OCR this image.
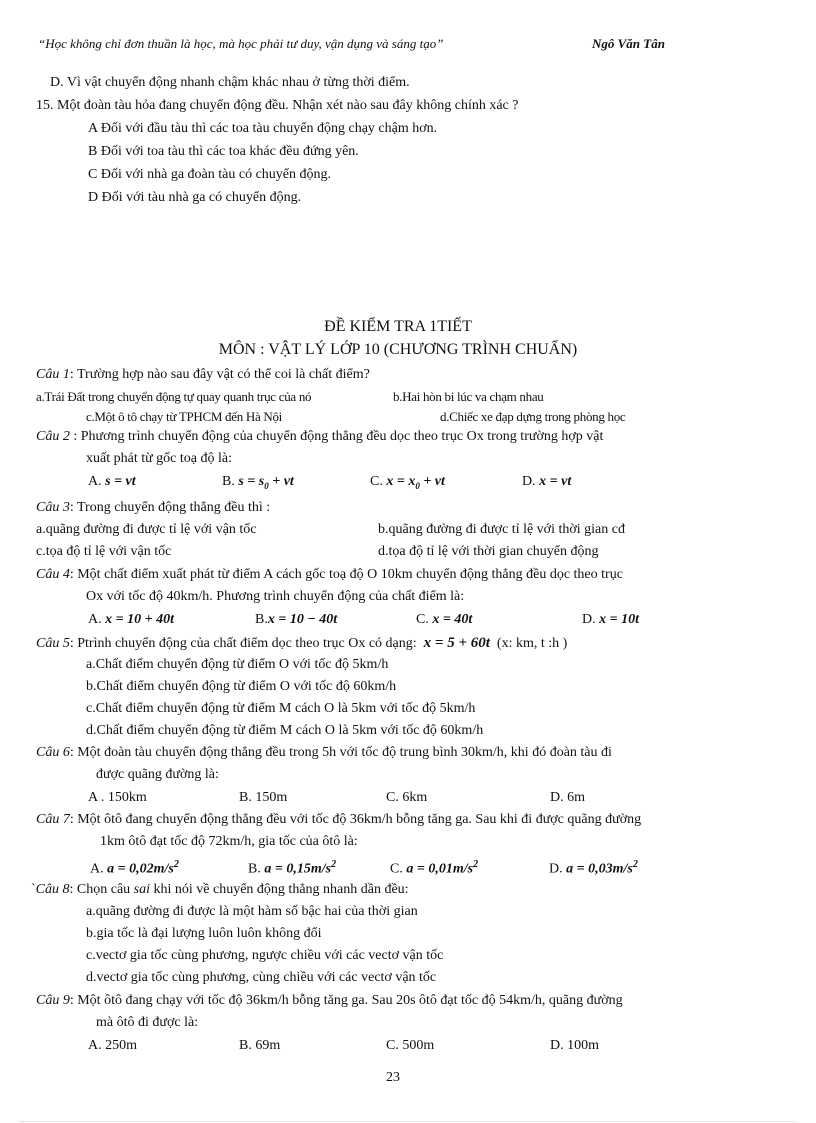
“Học không chỉ đơn thuần là học, mà học phải tư duy, vận dụng và sáng tạo”	Ngô Văn Tân
D. Vì vật chuyển động nhanh chậm khác nhau ở từng thời điểm.
15. Một đoàn tàu hỏa đang chuyển động đều. Nhận xét nào sau đây không chính xác ?
A Đối với đầu tàu thì các toa tàu chuyển động chạy chậm hơn.
B Đối với toa tàu thì các toa khác đều đứng yên.
C Đối với nhà ga đoàn tàu có chuyển động.
D Đối với tàu nhà ga có chuyển động.
ĐỀ KIỂM TRA 1TIẾT
MÔN : VẬT LÝ LỚP 10 (CHƯƠNG TRÌNH CHUẨN)
Câu 1: Trường hợp nào sau đây vật có thể coi là chất điểm?
a.Trái Đất trong chuyển động tự quay quanh trục của nó	b.Hai hòn bi lúc va chạm nhau
c.Một ô tô chạy từ TPHCM đến Hà Nội	d.Chiếc xe đạp dựng trong phòng học
Câu 2 : Phương trình chuyển động của chuyển động thẳng đều dọc theo trục Ox trong trường hợp vật
xuất phát từ gốc toạ độ là:
A. s = vt	B. $s = s_0$ + vt	C. $x = x_0$ + vt	D. x = vt
Câu 3: Trong chuyển động thẳng đều thì :
a.quãng đường đi được tỉ lệ với vận tốc	b.quãng đường đi được tỉ lệ với thời gian cđ
c.tọa độ tỉ lệ với vận tốc	d.tọa độ tỉ lệ với thời gian chuyển động
Câu 4: Một chất điểm xuất phát từ điểm A cách gốc toạ độ O 10km chuyển động thẳng đều dọc theo trục
Ox với tốc độ 40km/h. Phương trình chuyển động của chất điểm là:
A. x = 10 + 40t	B.x = 10 − 40t	C. x = 40t	D. x = 10t
Câu 5: Ptrình chuyển động của chất điểm dọc theo trục Ox có dạng: x = 5 + 60t (x: km, t :h )
a.Chất điểm chuyển động từ điểm O với tốc độ 5km/h
b.Chất điểm chuyển động từ điểm O với tốc độ 60km/h
c.Chất điểm chuyển động từ điểm M cách O là 5km với tốc độ 5km/h
d.Chất điểm chuyển động từ điểm M cách O là 5km với tốc độ 60km/h
Câu 6: Một đoàn tàu chuyển động thẳng đều trong 5h với tốc độ trung bình 30km/h, khi đó đoàn tàu đi
được quãng đường là:
A . 150km	B. 150m	C. 6km	D. 6m
Câu 7: Một ôtô đang chuyển động thẳng đều với tốc độ 36km/h bỗng tăng ga. Sau khi đi được quãng đường
1km ôtô đạt tốc độ 72km/h, gia tốc của ôtô là:
A. $a = 0,02m/s^2$	B. $a = 0,15m/s^2$	C. $a = 0,01m/s^2$	D. $a = 0,03m/s^2$
`Câu 8: Chọn câu sai khi nói về chuyển động thẳng nhanh dần đều:
a.quãng đường đi được là một hàm số bậc hai của thời gian
b.gia tốc là đại lượng luôn luôn không đổi
c.vectơ gia tốc cùng phương, ngược chiều với các vectơ vận tốc
d.vectơ gia tốc cùng phương, cùng chiều với các vectơ vận tốc
Câu 9: Một ôtô đang chạy với tốc độ 36km/h bỗng tăng ga. Sau 20s ôtô đạt tốc độ 54km/h, quãng đường
mà ôtô đi được là:
A. 250m	B. 69m	C. 500m	D. 100m
23
